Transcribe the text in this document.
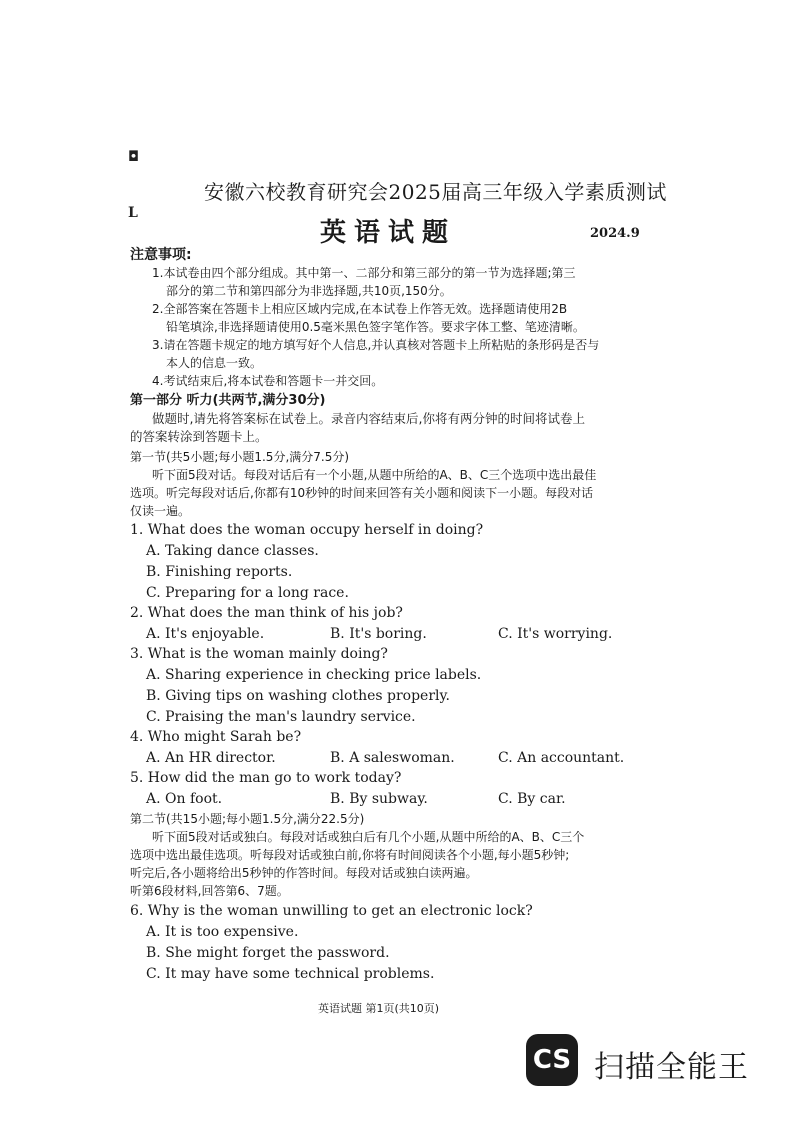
◘
L
安徽六校教育研究会2025届高三年级入学素质测试
英语试题	2024.9
注意事项:
1.本试卷由四个部分组成。其中第一、二部分和第三部分的第一节为选择题;第三
部分的第二节和第四部分为非选择题,共10页,150分。
2.全部答案在答题卡上相应区域内完成,在本试卷上作答无效。选择题请使用2B
铅笔填涂,非选择题请使用0.5毫米黑色签字笔作答。要求字体工整、笔迹清晰。
3.请在答题卡规定的地方填写好个人信息,并认真核对答题卡上所粘贴的条形码是否与
本人的信息一致。
4.考试结束后,将本试卷和答题卡一并交回。
第一部分 听力(共两节,满分30分)
做题时,请先将答案标在试卷上。录音内容结束后,你将有两分钟的时间将试卷上
的答案转涂到答题卡上。
第一节(共5小题;每小题1.5分,满分7.5分)
听下面5段对话。每段对话后有一个小题,从题中所给的A、B、C三个选项中选出最佳
选项。听完每段对话后,你都有10秒钟的时间来回答有关小题和阅读下一小题。每段对话
仅读一遍。
1. What does the woman occupy herself in doing?
A. Taking dance classes.
B. Finishing reports.
C. Preparing for a long race.
2. What does the man think of his job?
A. It's enjoyable.	B. It's boring.	C. It's worrying.
3. What is the woman mainly doing?
A. Sharing experience in checking price labels.
B. Giving tips on washing clothes properly.
C. Praising the man's laundry service.
4. Who might Sarah be?
A. An HR director.	B. A saleswoman.	C. An accountant.
5. How did the man go to work today?
A. On foot.	B. By subway.	C. By car.
第二节(共15小题;每小题1.5分,满分22.5分)
听下面5段对话或独白。每段对话或独白后有几个小题,从题中所给的A、B、C三个
选项中选出最佳选项。听每段对话或独白前,你将有时间阅读各个小题,每小题5秒钟;
听完后,各小题将给出5秒钟的作答时间。每段对话或独白读两遍。
听第6段材料,回答第6、7题。
6. Why is the woman unwilling to get an electronic lock?
A. It is too expensive.
B. She might forget the password.
C. It may have some technical problems.
英语试题 第1页(共10页)
CS 扫描全能王
